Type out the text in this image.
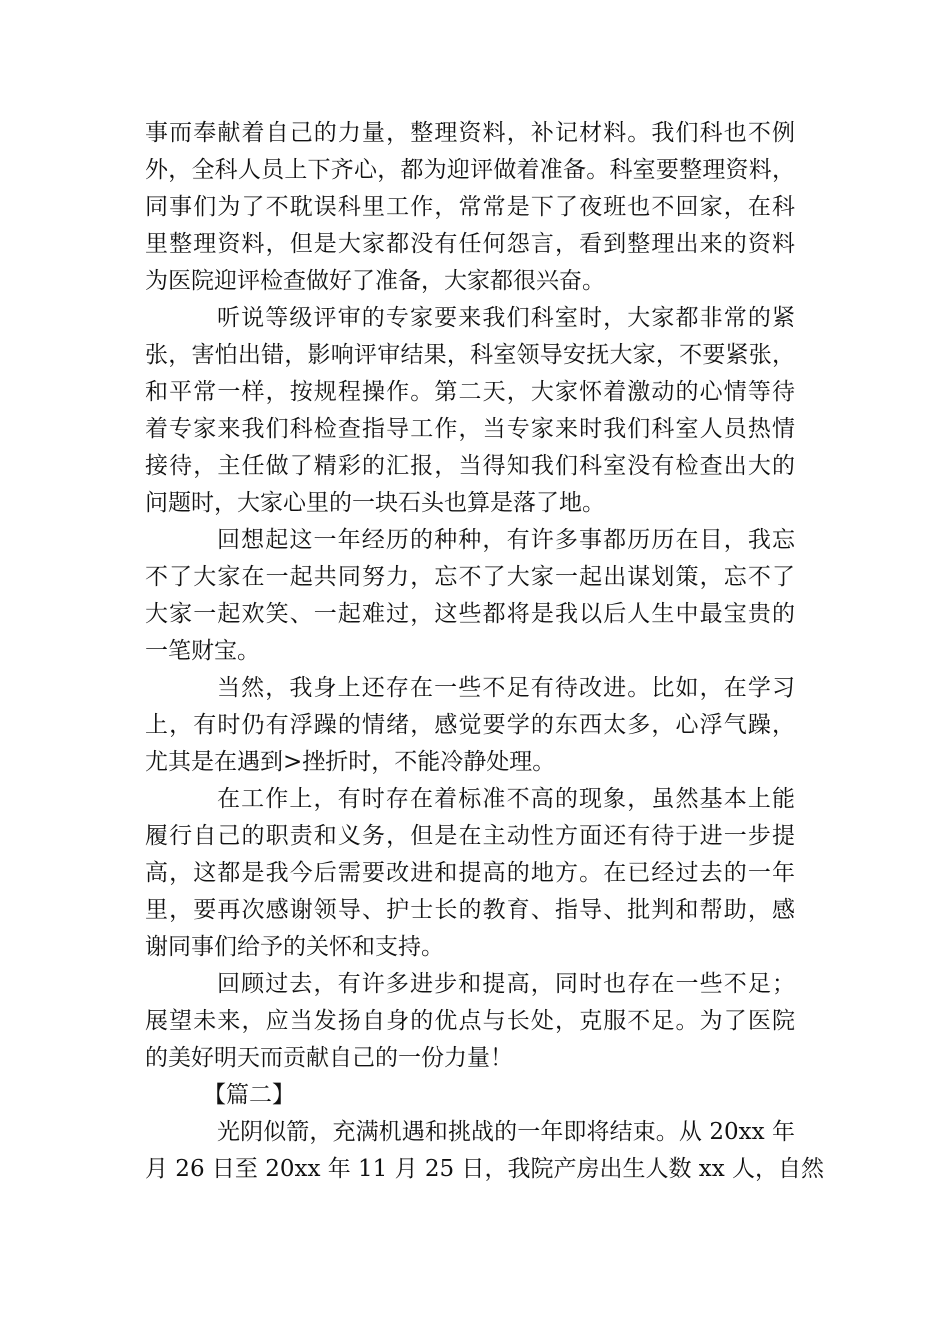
事而奉献着自己的力量，整理资料，补记材料。我们科也不例
外，全科人员上下齐心，都为迎评做着准备。科室要整理资料，
同事们为了不耽误科里工作，常常是下了夜班也不回家，在科
里整理资料，但是大家都没有任何怨言，看到整理出来的资料
为医院迎评检查做好了准备，大家都很兴奋。
听说等级评审的专家要来我们科室时，大家都非常的紧
张，害怕出错，影响评审结果，科室领导安抚大家，不要紧张，
和平常一样，按规程操作。第二天，大家怀着激动的心情等待
着专家来我们科检查指导工作，当专家来时我们科室人员热情
接待，主任做了精彩的汇报，当得知我们科室没有检查出大的
问题时，大家心里的一块石头也算是落了地。
回想起这一年经历的种种，有许多事都历历在目，我忘
不了大家在一起共同努力，忘不了大家一起出谋划策，忘不了
大家一起欢笑、一起难过，这些都将是我以后人生中最宝贵的
一笔财宝。
当然，我身上还存在一些不足有待改进。比如，在学习
上，有时仍有浮躁的情绪，感觉要学的东西太多，心浮气躁，
尤其是在遇到>挫折时，不能冷静处理。
在工作上，有时存在着标准不高的现象，虽然基本上能
履行自己的职责和义务，但是在主动性方面还有待于进一步提
高，这都是我今后需要改进和提高的地方。在已经过去的一年
里，要再次感谢领导、护士长的教育、指导、批判和帮助，感
谢同事们给予的关怀和支持。
回顾过去，有许多进步和提高，同时也存在一些不足；
展望未来，应当发扬自身的优点与长处，克服不足。为了医院
的美好明天而贡献自己的一份力量！
【篇二】
光阴似箭，充满机遇和挑战的一年即将结束。从 20xx 年
月 26 日至 20xx 年 11 月 25 日，我院产房出生人数 xx 人，自然
